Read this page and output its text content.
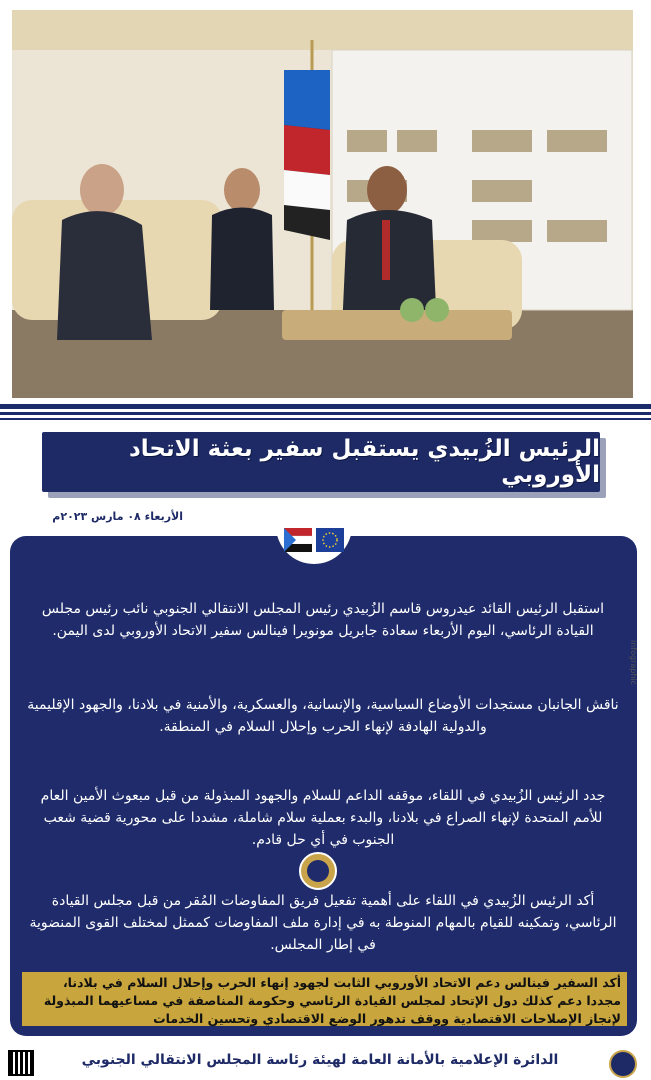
الرئيس الزُبيدي يستقبل سفير بعثة الاتحاد الأوروبي
الأربعاء ٠٨ مارس ٢٠٢٣م
استقبل الرئيس القائد عيدروس قاسم الزُبيدي رئيس المجلس الانتقالي الجنوبي نائب رئيس مجلس القيادة الرئاسي، اليوم الأربعاء سعادة جابريل مونويرا فينالس سفير الاتحاد الأوروبي لدى اليمن.
ناقش الجانبان مستجدات الأوضاع السياسية، والإنسانية، والعسكرية، والأمنية في بلادنا، والجهود الإقليمية والدولية الهادفة لإنهاء الحرب وإحلال السلام في المنطقة.
جدد الرئيس الزُبيدي في اللقاء، موقفه الداعم للسلام والجهود المبذولة من قبل مبعوث الأمين العام للأمم المتحدة لإنهاء الصراع في بلادنا، والبدء بعملية سلام شاملة، مشددا على محورية قضية شعب الجنوب في أي حل قادم.
أكد الرئيس الزُبيدي في اللقاء على أهمية تفعيل فريق المفاوضات المُقر من قبل مجلس القيادة الرئاسي، وتمكينه للقيام بالمهام المنوطة به في إدارة ملف المفاوضات كممثل لمختلف القوى المنضوية في إطار المجلس.
أكد السفير فينالس دعم الاتحاد الأوروبي الثابت لجهود إنهاء الحرب وإحلال السلام في بلادنا، مجددا دعم كذلك دول الإتحاد لمجلس القيادة الرئاسي وحكومة المناصفة في مساعيهما المبذولة لإنجاز الإصلاحات الاقتصادية ووقف تدهور الوضع الاقتصادي وتحسين الخدمات
infographic
الدائرة الإعلامية بالأمانة العامة لهيئة رئاسة المجلس الانتقالي الجنوبي
